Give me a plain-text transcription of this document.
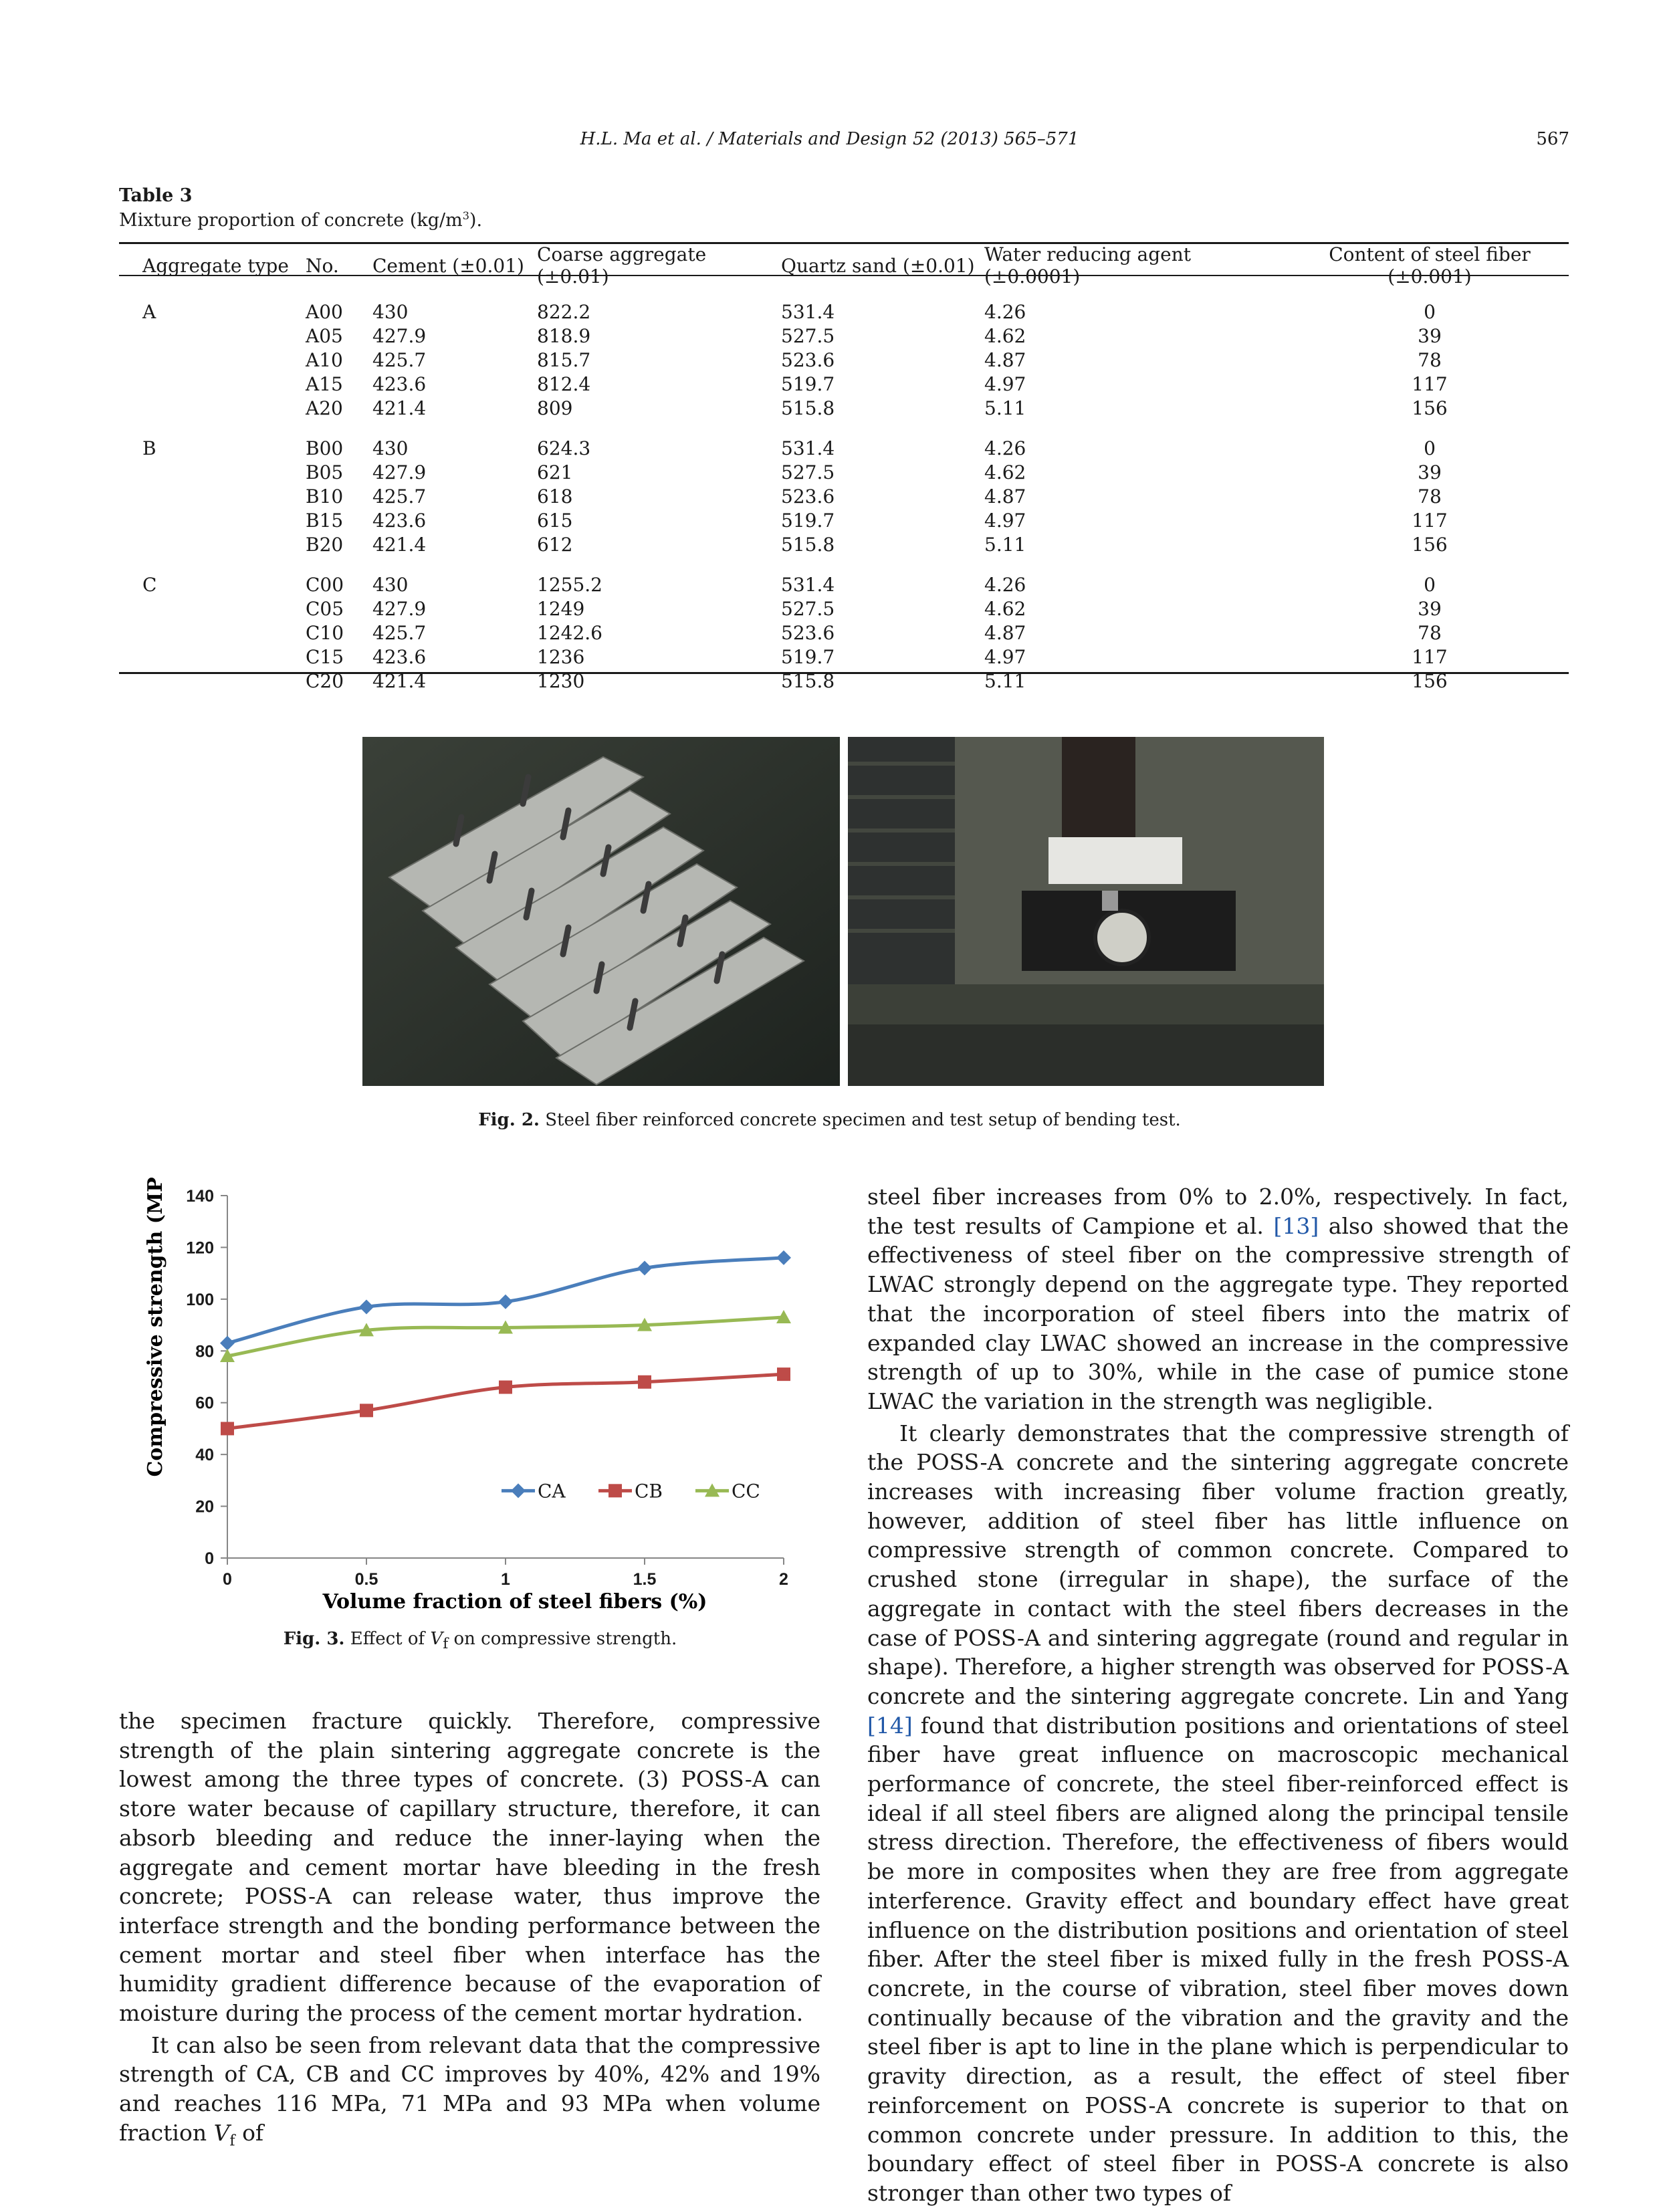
H.L. Ma et al. / Materials and Design 52 (2013) 565–571	567
Table 3
Mixture proportion of concrete $(kg/m^3)$.
	Aggregate type	No.	Cement (±0.01)	Coarse aggregate (±0.01)	Quartz sand (±0.01)	Water reducing agent (±0.0001)	Content of steel fiber (±0.001)
	A	A00	430	822.2	531.4	4.26	0
		A05	427.9	818.9	527.5	4.62	39
		A10	425.7	815.7	523.6	4.87	78
		A15	423.6	812.4	519.7	4.97	117
		A20	421.4	809	515.8	5.11	156
	B	B00	430	624.3	531.4	4.26	0
		B05	427.9	621	527.5	4.62	39
		B10	425.7	618	523.6	4.87	78
		B15	423.6	615	519.7	4.97	117
		B20	421.4	612	515.8	5.11	156
	C	C00	430	1255.2	531.4	4.26	0
		C05	427.9	1249	527.5	4.62	39
		C10	425.7	1242.6	523.6	4.87	78
		C15	423.6	1236	519.7	4.97	117
		C20	421.4	1230	515.8	5.11	156
Fig. 2. Steel fiber reinforced concrete specimen and test setup of bending test.
0
20
40
60
80
100
120
140
0	0.5	1	1.5	2
CA	CB	CC
Compressive strength (MPa)
Volume fraction of steel fibers (%)
Fig. 3. Effect of $V_f$ on compressive strength.

the specimen fracture quickly. Therefore, compressive strength of the plain sintering aggregate concrete is the lowest among the three types of concrete. (3) POSS-A can store water because of capillary structure, therefore, it can absorb bleeding and reduce the inner-laying when the aggregate and cement mortar have bleeding in the fresh concrete; POSS-A can release water, thus improve the interface strength and the bonding performance between the cement mortar and steel fiber when interface has the humidity gradient difference because of the evaporation of moisture during the process of the cement mortar hydration.

It can also be seen from relevant data that the compressive strength of CA, CB and CC improves by 40%, 42% and 19% and reaches 116 MPa, 71 MPa and 93 MPa when volume fraction $V_f$ of

steel fiber increases from 0% to 2.0%, respectively. In fact, the test results of Campione et al. [13] also showed that the effectiveness of steel fiber on the compressive strength of LWAC strongly depend on the aggregate type. They reported that the incorporation of steel fibers into the matrix of expanded clay LWAC showed an increase in the compressive strength of up to 30%, while in the case of pumice stone LWAC the variation in the strength was negligible.

It clearly demonstrates that the compressive strength of the POSS-A concrete and the sintering aggregate concrete increases with increasing fiber volume fraction greatly, however, addition of steel fiber has little influence on compressive strength of common concrete. Compared to crushed stone (irregular in shape), the surface of the aggregate in contact with the steel fibers decreases in the case of POSS-A and sintering aggregate (round and regular in shape). Therefore, a higher strength was observed for POSS-A concrete and the sintering aggregate concrete. Lin and Yang [14] found that distribution positions and orientations of steel fiber have great influence on macroscopic mechanical performance of concrete, the steel fiber-reinforced effect is ideal if all steel fibers are aligned along the principal tensile stress direction. Therefore, the effectiveness of fibers would be more in composites when they are free from aggregate interference. Gravity effect and boundary effect have great influence on the distribution positions and orientation of steel fiber. After the steel fiber is mixed fully in the fresh POSS-A concrete, in the course of vibration, steel fiber moves down continually because of the vibration and the gravity and the steel fiber is apt to line in the plane which is perpendicular to gravity direction, as a result, the effect of steel fiber reinforcement on POSS-A concrete is superior to that on common concrete under pressure. In addition to this, the boundary effect of steel fiber in POSS-A concrete is also stronger than other two types of
